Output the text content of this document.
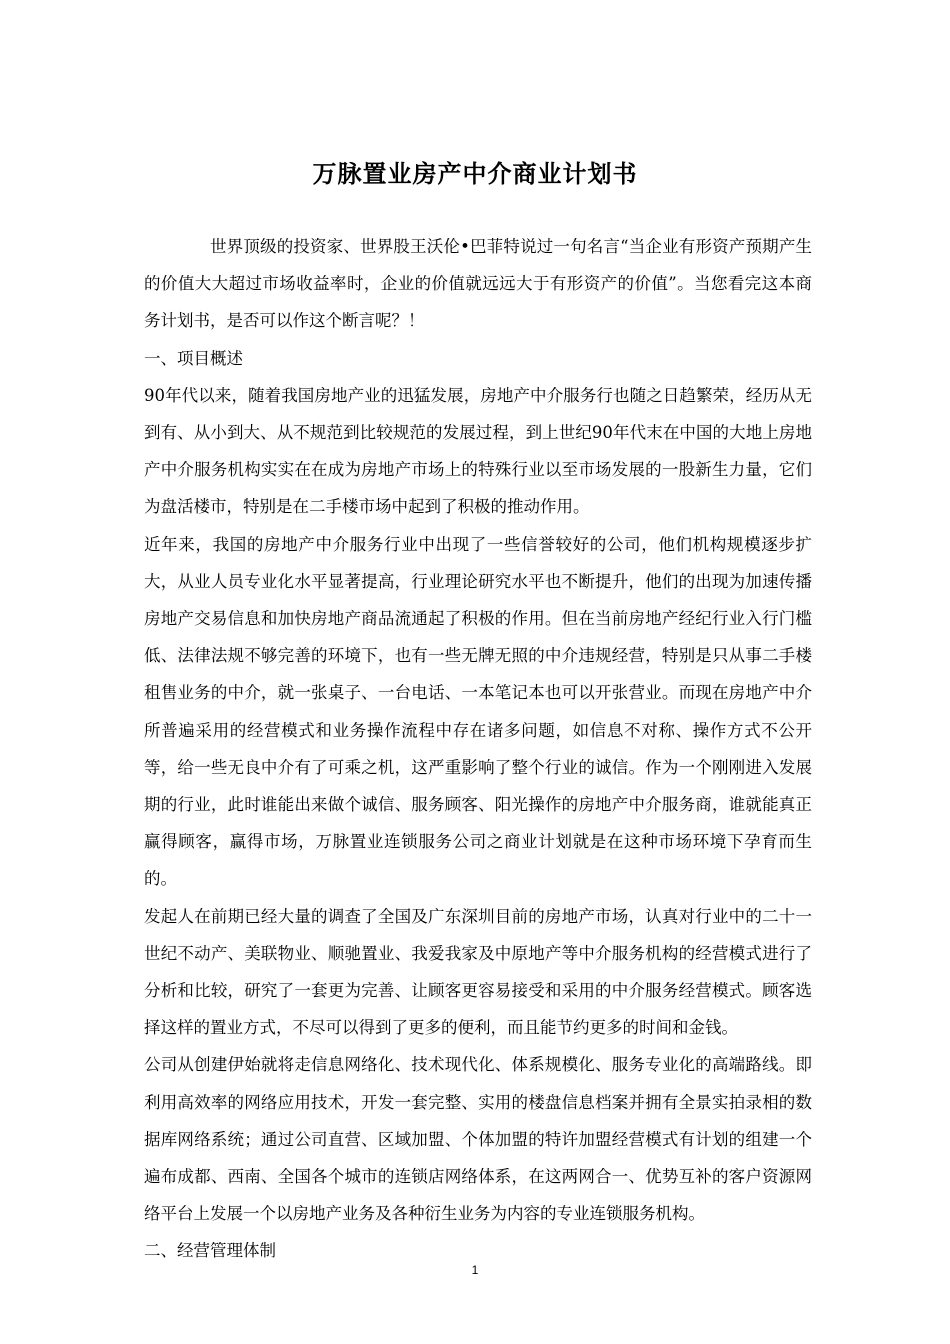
万脉置业房产中介商业计划书

世界顶级的投资家、世界股王沃伦•巴菲特说过一句名言“当企业有形资产预期产生的价值大大超过市场收益率时，企业的价值就远远大于有形资产的价值”。当您看完这本商务计划书，是否可以作这个断言呢？！

一、项目概述

90年代以来，随着我国房地产业的迅猛发展，房地产中介服务行也随之日趋繁荣，经历从无到有、从小到大、从不规范到比较规范的发展过程，到上世纪90年代末在中国的大地上房地产中介服务机构实实在在成为房地产市场上的特殊行业以至市场发展的一股新生力量，它们为盘活楼市，特别是在二手楼市场中起到了积极的推动作用。

近年来，我国的房地产中介服务行业中出现了一些信誉较好的公司，他们机构规模逐步扩大，从业人员专业化水平显著提高，行业理论研究水平也不断提升，他们的出现为加速传播房地产交易信息和加快房地产商品流通起了积极的作用。但在当前房地产经纪行业入行门槛低、法律法规不够完善的环境下，也有一些无牌无照的中介违规经营，特别是只从事二手楼租售业务的中介，就一张桌子、一台电话、一本笔记本也可以开张营业。而现在房地产中介所普遍采用的经营模式和业务操作流程中存在诸多问题，如信息不对称、操作方式不公开等，给一些无良中介有了可乘之机，这严重影响了整个行业的诚信。作为一个刚刚进入发展期的行业，此时谁能出来做个诚信、服务顾客、阳光操作的房地产中介服务商，谁就能真正赢得顾客，赢得市场，万脉置业连锁服务公司之商业计划就是在这种市场环境下孕育而生的。

发起人在前期已经大量的调查了全国及广东深圳目前的房地产市场，认真对行业中的二十一世纪不动产、美联物业、顺驰置业、我爱我家及中原地产等中介服务机构的经营模式进行了分析和比较，研究了一套更为完善、让顾客更容易接受和采用的中介服务经营模式。顾客选择这样的置业方式，不尽可以得到了更多的便利，而且能节约更多的时间和金钱。

公司从创建伊始就将走信息网络化、技术现代化、体系规模化、服务专业化的高端路线。即利用高效率的网络应用技术，开发一套完整、实用的楼盘信息档案并拥有全景实拍录相的数据库网络系统；通过公司直营、区域加盟、个体加盟的特许加盟经营模式有计划的组建一个遍布成都、西南、全国各个城市的连锁店网络体系，在这两网合一、优势互补的客户资源网络平台上发展一个以房地产业务及各种衍生业务为内容的专业连锁服务机构。

二、经营管理体制

1
